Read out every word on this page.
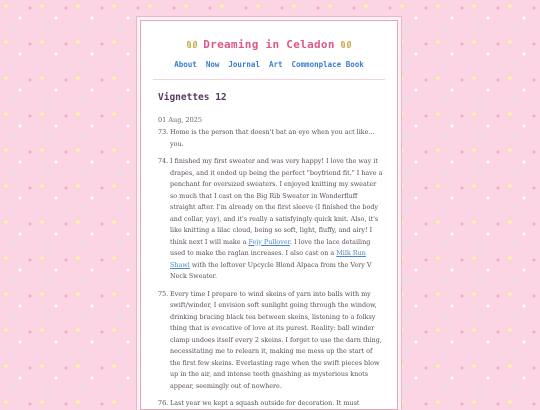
Dreaming in Celadon
About Now Journal Art Commonplace Book
Vignettes 12
01 Aug, 2025
73. Home is the person that doesn't bat an eye when you act like... you.
74. I finished my first sweater and was very happy! I love the way it drapes, and it ended up being the perfect "boyfriend fit." I have a penchant for oversized sweaters. I enjoyed knitting my sweater so much that I cast on the Big Rib Sweater in Wonderfluff straight after. I'm already on the first sleeve (I finished the body and collar, yay), and it's really a satisfyingly quick knit. Also, it's like knitting a lilac cloud, being so soft, light, fluffy, and airy! I think next I will make a Fejy Pullover. I love the lace detailing used to make the raglan increases. I also cast on a Milk Run Shawl with the leftover Upcycle Blend Alpaca from the Very V Neck Sweater.
75. Every time I prepare to wind skeins of yarn into balls with my swift/winder, I envision soft sunlight going through the window, drinking bracing black tea between skeins, listening to a folksy thing that is evocative of love at its purest. Reality: ball winder clamp undoes itself every 2 skeins. I forget to use the darn thing, necessitating me to relearn it, making me mess up the start of the first few skeins. Everlasting rage when the swift pieces blow up in the air, and intense teeth gnashing as mysterious knots appear, seemingly out of nowhere.
76. Last year we kept a squash outside for decoration. It must
